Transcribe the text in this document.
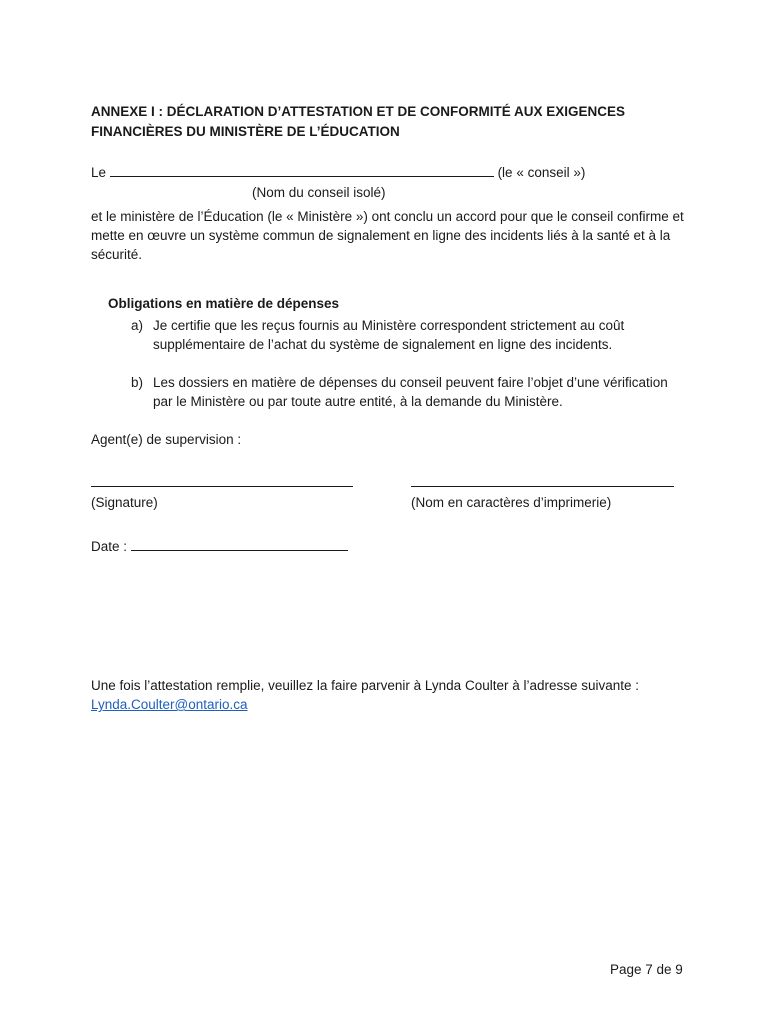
ANNEXE I : DÉCLARATION D’ATTESTATION ET DE CONFORMITÉ AUX EXIGENCES FINANCIÈRES DU MINISTÈRE DE L’ÉDUCATION
Le	(le « conseil »)
(Nom du conseil isolé)
et le ministère de l’Éducation (le « Ministère ») ont conclu un accord pour que le conseil confirme et mette en œuvre un système commun de signalement en ligne des incidents liés à la santé et à la sécurité.
Obligations en matière de dépenses
a) Je certifie que les reçus fournis au Ministère correspondent strictement au coût supplémentaire de l’achat du système de signalement en ligne des incidents.
b) Les dossiers en matière de dépenses du conseil peuvent faire l’objet d’une vérification par le Ministère ou par toute autre entité, à la demande du Ministère.
Agent(e) de supervision :
(Signature)	(Nom en caractères d’imprimerie)
Date :
Une fois l’attestation remplie, veuillez la faire parvenir à Lynda Coulter à l’adresse suivante :
Lynda.Coulter@ontario.ca
Page 7 de 9
